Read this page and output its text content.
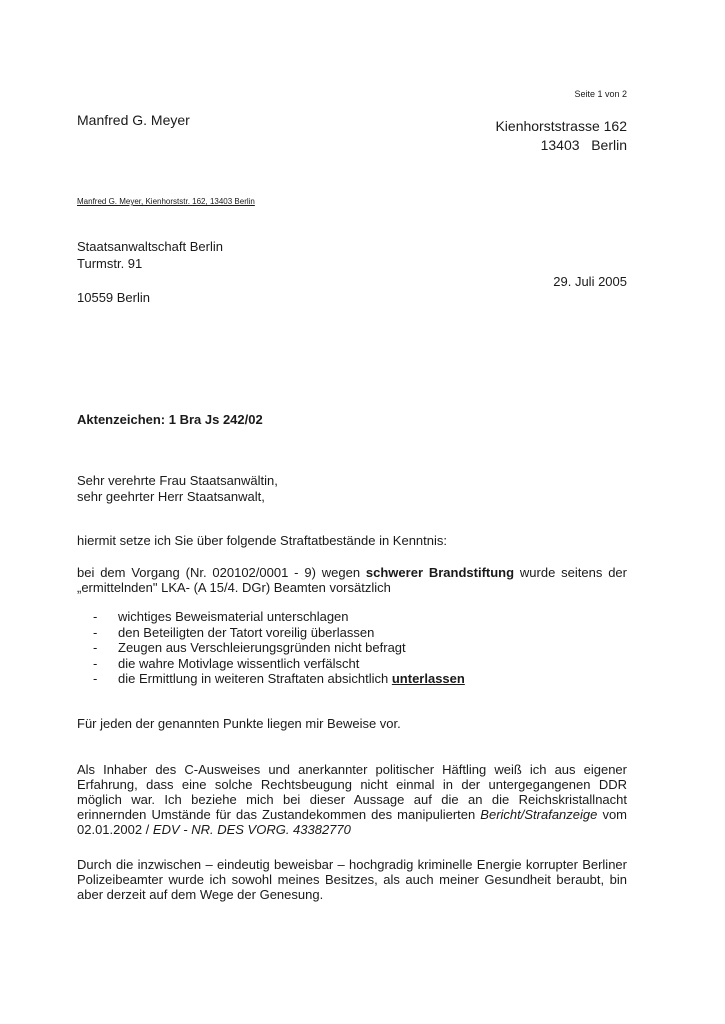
Seite 1 von 2
Manfred G. Meyer	Kienhorststrasse 162
13403   Berlin
Manfred G. Meyer, Kienhorststr. 162, 13403 Berlin
Staatsanwaltschaft Berlin
Turmstr. 91
10559 Berlin
29. Juli 2005
Aktenzeichen: 1 Bra Js 242/02
Sehr verehrte Frau Staatsanwältin,
sehr geehrter Herr Staatsanwalt,
hiermit setze ich Sie über folgende Straftatbestände in Kenntnis:
bei dem Vorgang (Nr. 020102/0001 - 9) wegen schwerer Brandstiftung wurde seitens der „ermittelnden" LKA- (A 15/4. DGr) Beamten vorsätzlich
- wichtiges Beweismaterial unterschlagen
- den Beteiligten der Tatort voreilig überlassen
- Zeugen aus Verschleierungsgründen nicht befragt
- die wahre Motivlage wissentlich verfälscht
- die Ermittlung in weiteren Straftaten absichtlich unterlassen
Für jeden der genannten Punkte liegen mir Beweise vor.
Als Inhaber des C-Ausweises und anerkannter politischer Häftling weiß ich aus eigener Erfahrung, dass eine solche Rechtsbeugung nicht einmal in der untergegangenen DDR möglich war. Ich beziehe mich bei dieser Aussage auf die an die Reichskristallnacht erinnernden Umstände für das Zustandekommen des manipulierten Bericht/Strafanzeige vom 02.01.2002 / EDV - NR. DES VORG. 43382770
Durch die inzwischen – eindeutig beweisbar – hochgradig kriminelle Energie korrupter Berliner Polizeibeamter wurde ich sowohl meines Besitzes, als auch meiner Gesundheit beraubt, bin aber derzeit auf dem Wege der Genesung.
